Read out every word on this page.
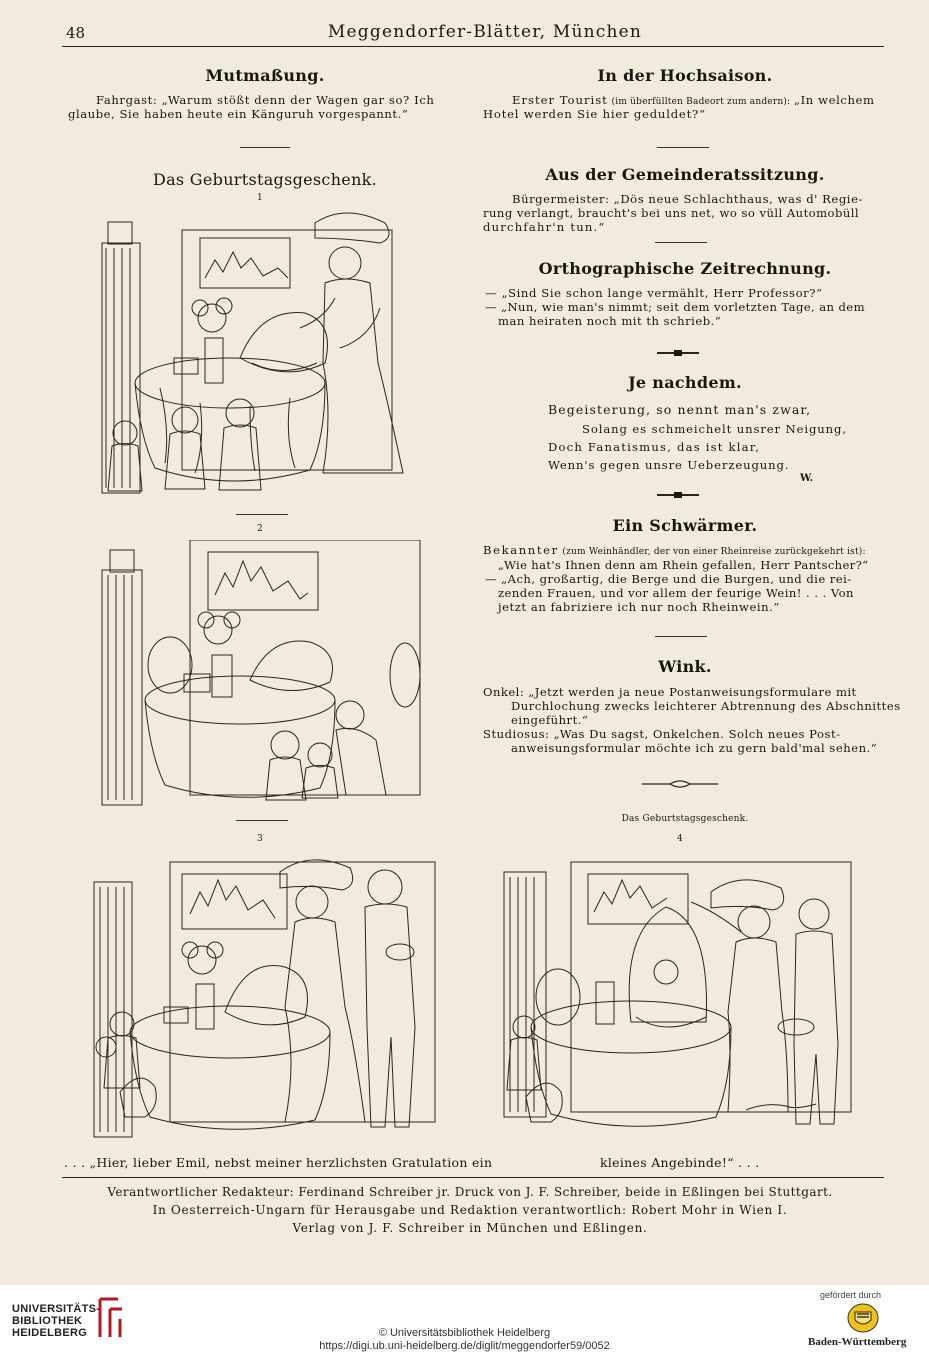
48	Meggendorfer-Blätter, München
Mutmaßung.
Fahrgast: „Warum stößt denn der Wagen gar so? Ich
glaube, Sie haben heute ein Känguruh vorgespannt.“
Das Geburtstagsgeschenk.
1
2
3
In der Hochsaison.
Erster Tourist (im überfüllten Badeort zum andern): „In welchem
Hotel werden Sie hier geduldet?“
Aus der Gemeinderatssitzung.
Bürgermeister: „Dös neue Schlachthaus, was d' Regie-
rung verlangt, braucht's bei uns net, wo so vüll Automobüll
durchfahr'n tun.“
Orthographische Zeitrechnung.
— „Sind Sie schon lange vermählt, Herr Professor?“
— „Nun, wie man's nimmt; seit dem vorletzten Tage, an dem
man heiraten noch mit th schrieb.“
Je nachdem.
Begeisterung, so nennt man's zwar,
Solang es schmeichelt unsrer Neigung,
Doch Fanatismus, das ist klar,
Wenn's gegen unsre Ueberzeugung.
W.
Ein Schwärmer.
Bekannter (zum Weinhändler, der von einer Rheinreise zurückgekehrt ist):
„Wie hat's Ihnen denn am Rhein gefallen, Herr Pantscher?“
— „Ach, großartig, die Berge und die Burgen, und die rei-
zenden Frauen, und vor allem der feurige Wein! . . . Von
jetzt an fabriziere ich nur noch Rheinwein.“
Wink.
Onkel: „Jetzt werden ja neue Postanweisungsformulare mit
Durchlochung zwecks leichterer Abtrennung des Abschnittes
eingeführt.“
Studiosus: „Was Du sagst, Onkelchen. Solch neues Post-
anweisungsformular möchte ich zu gern bald'mal sehen.“
Das Geburtstagsgeschenk.
4
. . . „Hier, lieber Emil, nebst meiner herzlichsten Gratulation ein	kleines Angebinde!“ . . .
Verantwortlicher Redakteur: Ferdinand Schreiber jr. Druck von J. F. Schreiber, beide in Eßlingen bei Stuttgart.
In Oesterreich-Ungarn für Herausgabe und Redaktion verantwortlich: Robert Mohr in Wien I.
Verlag von J. F. Schreiber in München und Eßlingen.
UNIVERSITÄTS-
BIBLIOTHEK
HEIDELBERG	© Universitätsbibliothek Heidelberg
https://digi.ub.uni-heidelberg.de/diglit/meggendorfer59/0052
gefördert durch
Baden-Württemberg
